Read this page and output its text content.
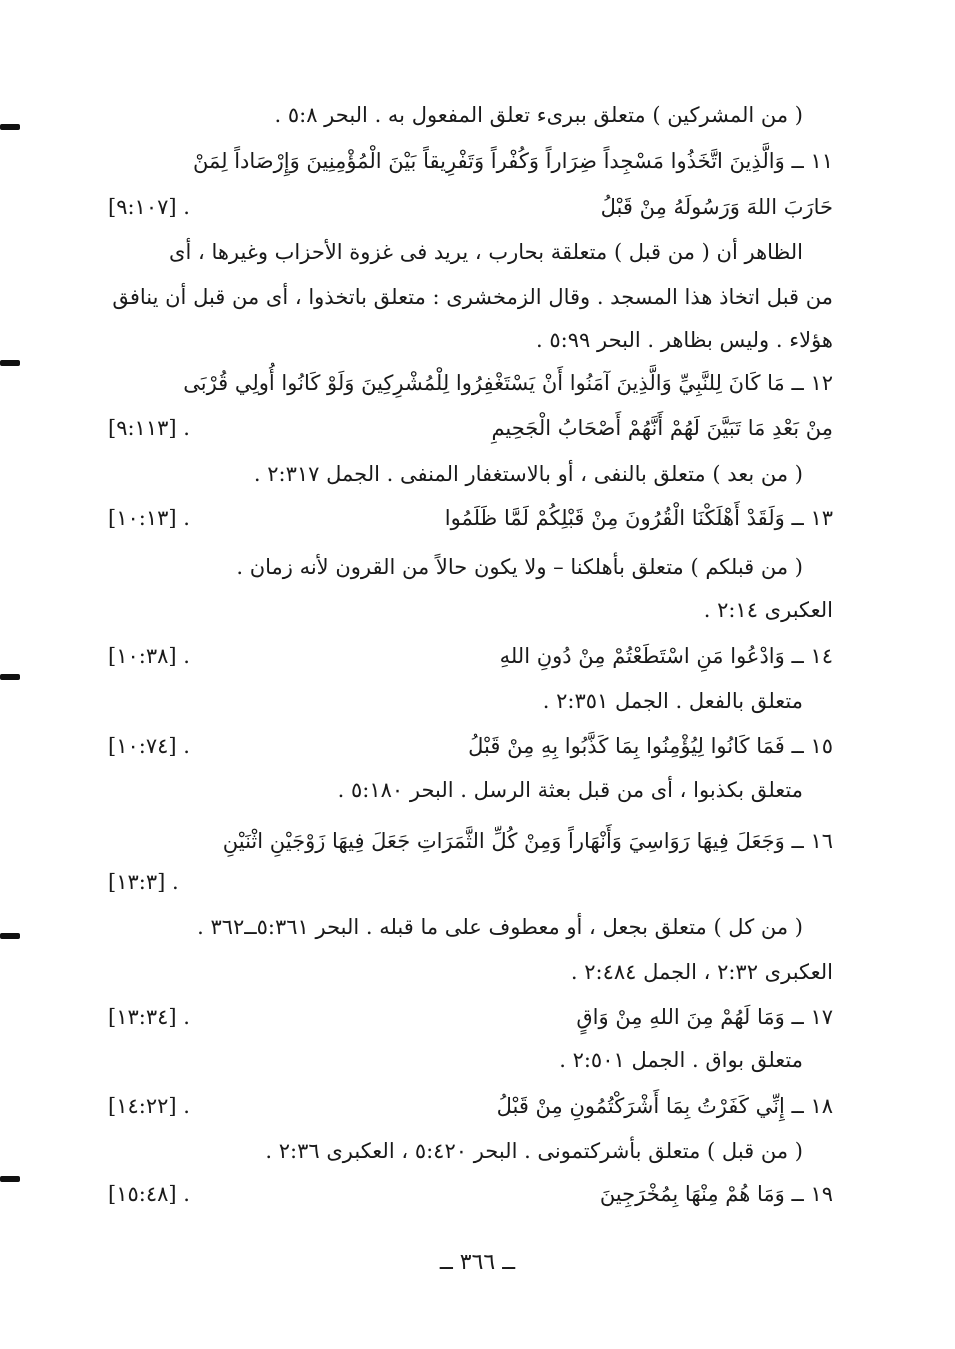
( من المشركين ) متعلق ببرىء تعلق المفعول به . البحر ٥:٨ .
١١ ــ وَالَّذِينَ اتَّخَذُوا مَسْجِداً ضِرَاراً وَكُفْراً وَتَفْرِيقاً بَيْنَ الْمُؤْمِنِينَ وَإِرْصَاداً لِمَنْ
حَارَبَ اللهَ وَرَسُولَهُ مِنْ قَبْلُ
[٩:١٠٧] .
الظاهر أن ( من قبل ) متعلقة بحارب ، يريد فى غزوة الأحزاب وغيرها ، أى
من قبل اتخاذ هذا المسجد . وقال الزمخشرى : متعلق باتخذوا ، أى من قبل أن ينافق
هؤلاء . وليس بظاهر . البحر ٥:٩٩ .
١٢ ــ مَا كَانَ لِلنَّبِيِّ وَالَّذِينَ آمَنُوا أَنْ يَسْتَغْفِرُوا لِلْمُشْرِكِينَ وَلَوْ كَانُوا أُولِي قُرْبَى
مِنْ بَعْدِ مَا تَبَيَّنَ لَهُمْ أَنَّهُمْ أَصْحَابُ الْجَحِيمِ
[٩:١١٣] .
( من بعد ) متعلق بالنفى ، أو بالاستغفار المنفى . الجمل ٢:٣١٧ .
١٣ ــ وَلَقَدْ أَهْلَكْنَا الْقُرُونَ مِنْ قَبْلِكُمْ لَمَّا ظَلَمُوا
[١٠:١٣] .
( من قبلكم ) متعلق بأهلكنا – ولا يكون حالاً من القرون لأنه زمان .
العكبرى ٢:١٤ .
١٤ ــ وَادْعُوا مَنِ اسْتَطَعْتُمْ مِنْ دُونِ اللهِ
[١٠:٣٨] .
متعلق بالفعل . الجمل ٢:٣٥١ .
١٥ ــ فَمَا كَانُوا لِيُؤْمِنُوا بِمَا كَذَّبُوا بِهِ مِنْ قَبْلُ
[١٠:٧٤] .
متعلق بكذبوا ، أى من قبل بعثة الرسل . البحر ٥:١٨٠ .
١٦ ــ وَجَعَلَ فِيهَا رَوَاسِيَ وَأَنْهَاراً وَمِنْ كُلِّ الثَّمَرَاتِ جَعَلَ فِيهَا زَوْجَيْنِ اثْنَيْنِ
[١٣:٣] .
( من كل ) متعلق بجعل ، أو معطوف على ما قبله . البحر ٥:٣٦١ــ٣٦٢ .
العكبرى ٢:٣٢ ، الجمل ٢:٤٨٤ .
١٧ ــ وَمَا لَهُمْ مِنَ اللهِ مِنْ وَاقٍ
[١٣:٣٤] .
متعلق بواق . الجمل ٢:٥٠١ .
١٨ ــ إِنِّي كَفَرْتُ بِمَا أَشْرَكْتُمُونِ مِنْ قَبْلُ
[١٤:٢٢] .
( من قبل ) متعلق بأشركتمونى . البحر ٥:٤٢٠ ، العكبرى ٢:٣٦ .
١٩ ــ وَمَا هُمْ مِنْهَا بِمُخْرَجِينَ
[١٥:٤٨] .
ــ ٣٦٦ ــ
